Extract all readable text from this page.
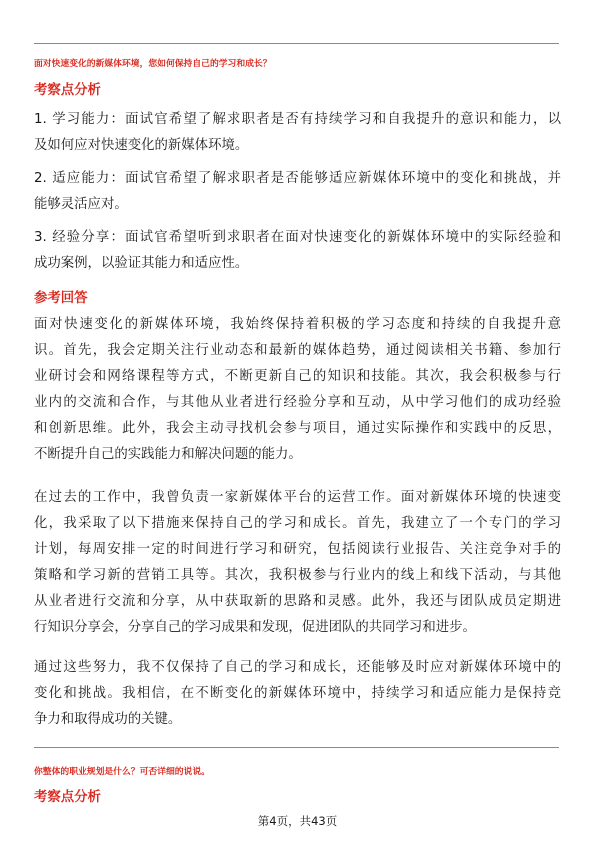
面对快速变化的新媒体环境，您如何保持自己的学习和成长？
考察点分析
1. 学习能力：面试官希望了解求职者是否有持续学习和自我提升的意识和能力，以
及如何应对快速变化的新媒体环境。
2. 适应能力：面试官希望了解求职者是否能够适应新媒体环境中的变化和挑战，并
能够灵活应对。
3. 经验分享：面试官希望听到求职者在面对快速变化的新媒体环境中的实际经验和
成功案例，以验证其能力和适应性。
参考回答
面对快速变化的新媒体环境，我始终保持着积极的学习态度和持续的自我提升意
识。首先，我会定期关注行业动态和最新的媒体趋势，通过阅读相关书籍、参加行
业研讨会和网络课程等方式，不断更新自己的知识和技能。其次，我会积极参与行
业内的交流和合作，与其他从业者进行经验分享和互动，从中学习他们的成功经验
和创新思维。此外，我会主动寻找机会参与项目，通过实际操作和实践中的反思，
不断提升自己的实践能力和解决问题的能力。
在过去的工作中，我曾负责一家新媒体平台的运营工作。面对新媒体环境的快速变
化，我采取了以下措施来保持自己的学习和成长。首先，我建立了一个专门的学习
计划，每周安排一定的时间进行学习和研究，包括阅读行业报告、关注竞争对手的
策略和学习新的营销工具等。其次，我积极参与行业内的线上和线下活动，与其他
从业者进行交流和分享，从中获取新的思路和灵感。此外，我还与团队成员定期进
行知识分享会，分享自己的学习成果和发现，促进团队的共同学习和进步。
通过这些努力，我不仅保持了自己的学习和成长，还能够及时应对新媒体环境中的
变化和挑战。我相信，在不断变化的新媒体环境中，持续学习和适应能力是保持竞
争力和取得成功的关键。
你整体的职业规划是什么？可否详细的说说。
考察点分析
第4页，共43页
